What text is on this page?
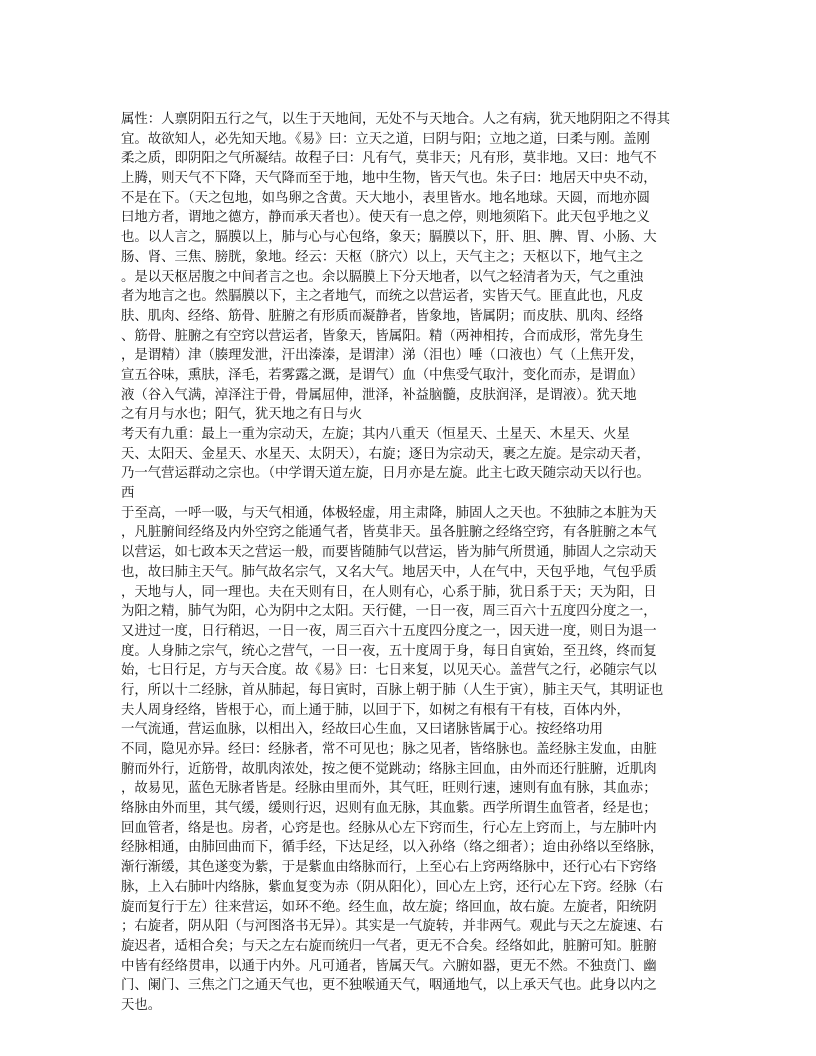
属性：人禀阴阳五行之气，以生于天地间，无处不与天地合。人之有病，犹天地阴阳之不得其
宜。故欲知人，必先知天地。《易》曰：立天之道，曰阴与阳；立地之道，曰柔与刚。盖刚
柔之质，即阴阳之气所凝结。故程子曰：凡有气，莫非天；凡有形，莫非地。又曰：地气不
上腾，则天气不下降，天气降而至于地，地中生物，皆天气也。朱子曰：地居天中央不动，
不是在下。（天之包地，如鸟卵之含黄。天大地小，表里皆水。地名地球。天圆，而地亦圆
曰地方者，谓地之德方，静而承天者也）。使天有一息之停，则地须陷下。此天包乎地之义
也。以人言之，膈膜以上，肺与心与心包络，象天；膈膜以下，肝、胆、脾、胃、小肠、大
肠、肾、三焦、膀胱，象地。经云：天枢（脐穴）以上，天气主之；天枢以下，地气主之
。是以天枢居腹之中间者言之也。余以膈膜上下分天地者，以气之轻清者为天，气之重浊
者为地言之也。然膈膜以下，主之者地气，而统之以营运者，实皆天气。匪直此也，凡皮
肤、肌肉、经络、筋骨、脏腑之有形质而凝静者，皆象地，皆属阴；而皮肤、肌肉、经络
、筋骨、脏腑之有空窍以营运者，皆象天，皆属阳。精（两神相抟，合而成形，常先身生
，是谓精）津（腠理发泄，汗出溱溱，是谓津）涕（泪也）唾（口液也）气（上焦开发，
宣五谷味，熏肤，泽毛，若雾露之溉，是谓气）血（中焦受气取汁，变化而赤，是谓血）
液（谷入气满，淖泽注于骨，骨属屈伸，泄泽，补益脑髓，皮肤润泽，是谓液）。犹天地
之有月与水也；阳气，犹天地之有日与火
考天有九重：最上一重为宗动天，左旋；其内八重天（恒星天、土星天、木星天、火星
天、太阳天、金星天、水星天、太阴天），右旋；逐日为宗动天，裹之左旋。是宗动天者，
乃一气营运群动之宗也。（中学谓天道左旋，日月亦是左旋。此主七政天随宗动天以行也。
西
于至高，一呼一吸，与天气相通，体极轻虚，用主肃降，肺固人之天也。不独肺之本脏为天
，凡脏腑间经络及内外空窍之能通气者，皆莫非天。虽各脏腑之经络空窍，有各脏腑之本气
以营运，如七政本天之营运一般，而要皆随肺气以营运，皆为肺气所贯通，肺固人之宗动天
也，故曰肺主天气。肺气故名宗气，又名大气。地居天中，人在气中，天包乎地，气包乎质
，天地与人，同一理也。夫在天则有日，在人则有心，心系于肺，犹日系于天；天为阳，日
为阳之精，肺气为阳，心为阴中之太阳。天行健，一日一夜，周三百六十五度四分度之一，
又进过一度，日行稍迟，一日一夜，周三百六十五度四分度之一，因天进一度，则日为退一
度。人身肺之宗气，统心之营气，一日一夜，五十度周于身，每日自寅始，至丑终，终而复
始，七日行足，方与天合度。故《易》曰：七日来复，以见天心。盖营气之行，必随宗气以
行，所以十二经脉，首从肺起，每日寅时，百脉上朝于肺（人生于寅），肺主天气，其明证也
夫人周身经络，皆根于心，而上通于肺，以回于下，如树之有根有干有枝，百体内外，
一气流通，营运血脉，以相出入，经故曰心生血，又曰诸脉皆属于心。按经络功用
不同，隐见亦异。经曰：经脉者，常不可见也；脉之见者，皆络脉也。盖经脉主发血，由脏
腑而外行，近筋骨，故肌肉浓处，按之便不觉跳动；络脉主回血，由外而还行脏腑，近肌肉
，故易见，蓝色无脉者皆是。经脉由里而外，其气旺，旺则行速，速则有血有脉，其血赤；
络脉由外而里，其气缓，缓则行迟，迟则有血无脉，其血紫。西学所谓生血管者，经是也；
回血管者，络是也。房者，心窍是也。经脉从心左下窍而生，行心左上窍而上，与左肺叶内
经脉相通，由肺回曲而下，循手经，下达足经，以入孙络（络之细者）；迨由孙络以至络脉，
渐行渐缓，其色遂变为紫，于是紫血由络脉而行，上至心右上窍两络脉中，还行心右下窍络
脉，上入右肺叶内络脉，紫血复变为赤（阴从阳化），回心左上窍，还行心左下窍。经脉（右
旋而复行于左）往来营运，如环不绝。经生血，故左旋；络回血，故右旋。左旋者，阳统阴
；右旋者，阴从阳（与河图洛书无异）。其实是一气旋转，并非两气。观此与天之左旋速、右
旋迟者，适相合矣；与天之左右旋而统归一气者，更无不合矣。经络如此，脏腑可知。脏腑
中皆有经络贯串，以通于内外。凡可通者，皆属天气。六腑如器，更无不然。不独贲门、幽
门、阑门、三焦之门之通天气也，更不独喉通天气，咽通地气，以上承天气也。此身以内之
天也。
